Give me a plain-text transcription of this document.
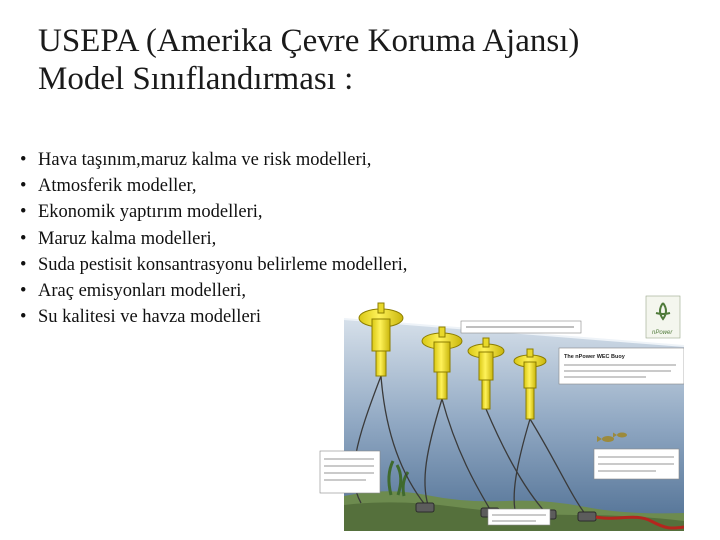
USEPA (Amerika Çevre Koruma Ajansı)
Model Sınıflandırması :
• Hava taşınım,maruz kalma ve risk modelleri,
• Atmosferik modeller,
• Ekonomik yaptırım modelleri,
• Maruz kalma modelleri,
• Suda pestisit konsantrasyonu belirleme modelleri,
• Araç emisyonları modelleri,
• Su kalitesi ve havza modelleri
The nPower WEC Buoy
nPower
